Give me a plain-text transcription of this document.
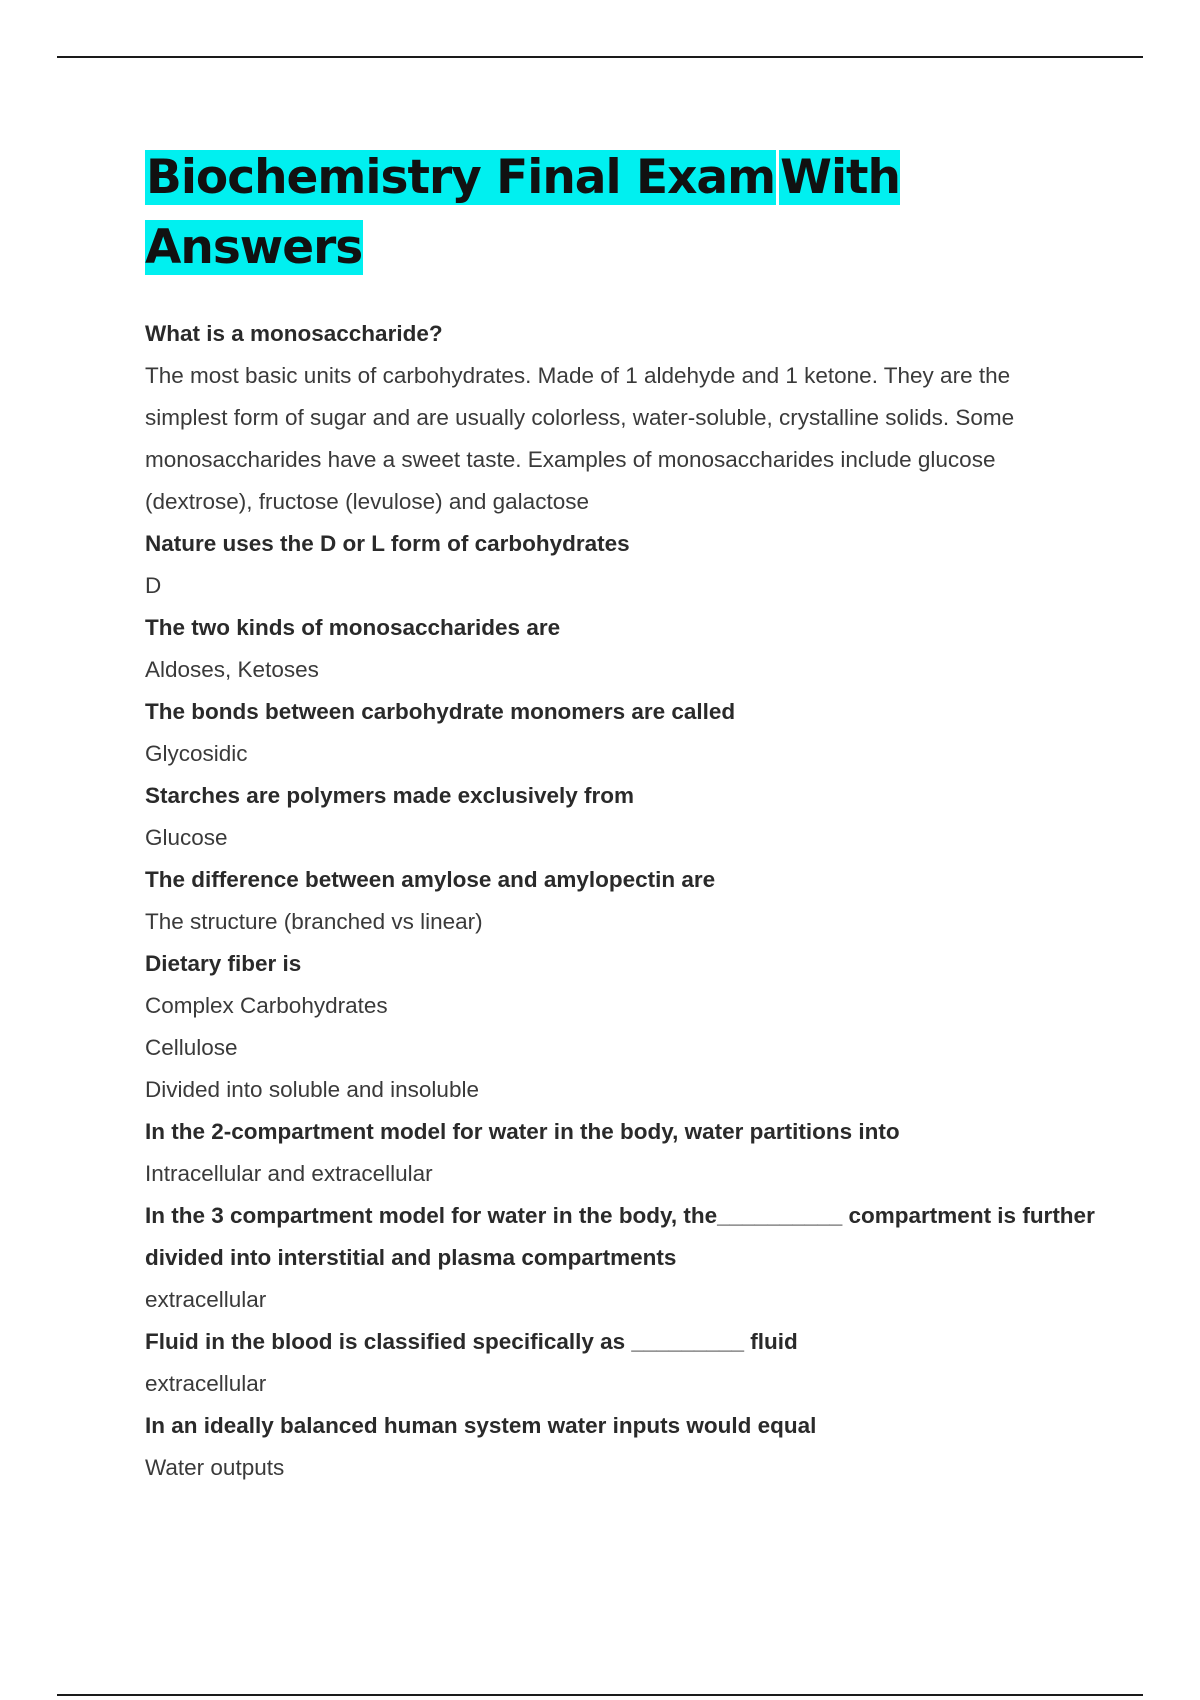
Biochemistry Final Exam With Answers

What is a monosaccharide?

The most basic units of carbohydrates. Made of 1 aldehyde and 1 ketone. They are the

simplest form of sugar and are usually colorless, water-soluble, crystalline solids. Some

monosaccharides have a sweet taste. Examples of monosaccharides include glucose

(dextrose), fructose (levulose) and galactose

Nature uses the D or L form of carbohydrates

D

The two kinds of monosaccharides are

Aldoses, Ketoses

The bonds between carbohydrate monomers are called

Glycosidic

Starches are polymers made exclusively from

Glucose

The difference between amylose and amylopectin are

The structure (branched vs linear)

Dietary fiber is

Complex Carbohydrates

Cellulose

Divided into soluble and insoluble

In the 2-compartment model for water in the body, water partitions into

Intracellular and extracellular

In the 3 compartment model for water in the body, the__________ compartment is further divided into interstitial and plasma compartments

extracellular

Fluid in the blood is classified specifically as _________ fluid

extracellular

In an ideally balanced human system water inputs would equal

Water outputs
